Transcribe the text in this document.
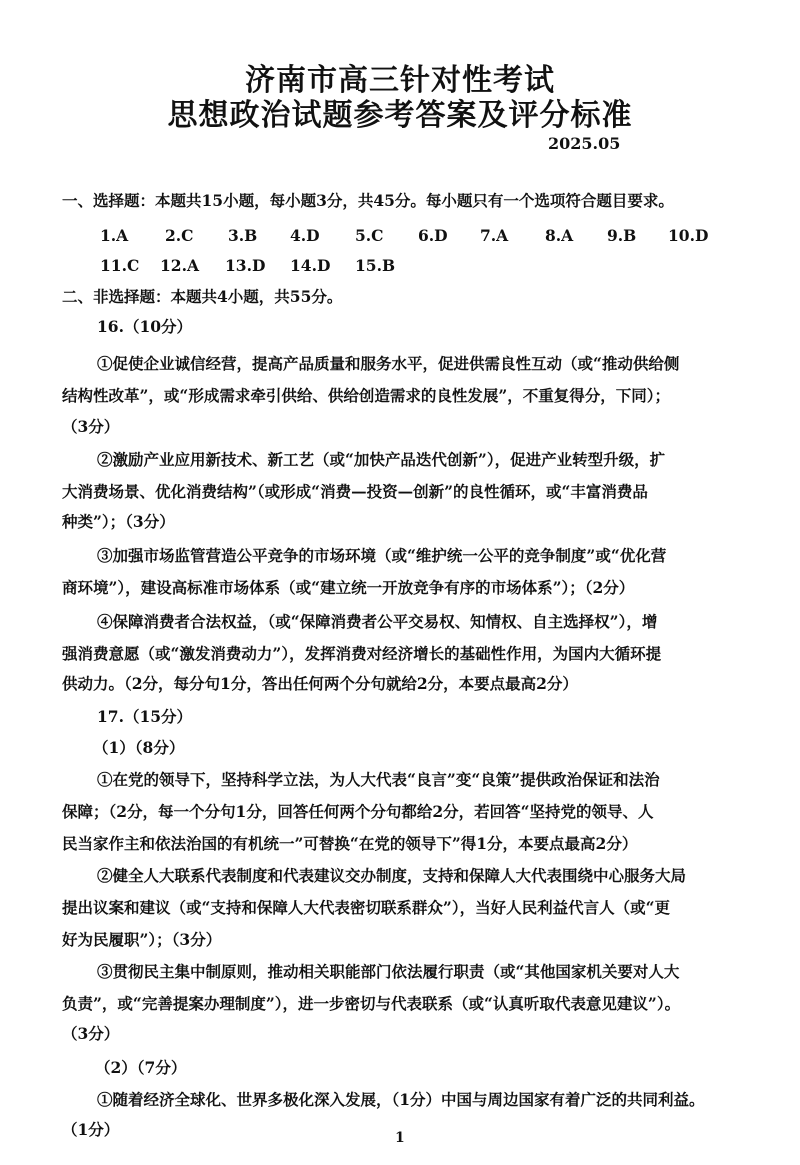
济南市高三针对性考试
思想政治试题参考答案及评分标准
2025.05
一、选择题：本题共15小题，每小题3分，共45分。每小题只有一个选项符合题目要求。
1.A 2.C 3.B 4.D 5.C 6.D 7.A 8.A 9.B 10.D
11.C 12.A 13.D 14.D 15.B
二、非选择题：本题共4小题，共55分。
16.（10分）
①促使企业诚信经营，提高产品质量和服务水平，促进供需良性互动（或“推动供给侧
结构性改革”，或“形成需求牵引供给、供给创造需求的良性发展”，不重复得分，下同）；
（3分）
②激励产业应用新技术、新工艺（或“加快产品迭代创新”），促进产业转型升级，扩
大消费场景、优化消费结构”（或形成“消费—投资—创新”的良性循环，或“丰富消费品
种类”）；（3分）
③加强市场监管营造公平竞争的市场环境（或“维护统一公平的竞争制度”或“优化营
商环境”），建设高标准市场体系（或“建立统一开放竞争有序的市场体系”）；（2分）
④保障消费者合法权益，（或“保障消费者公平交易权、知情权、自主选择权”），增
强消费意愿（或“激发消费动力”），发挥消费对经济增长的基础性作用，为国内大循环提
供动力。（2分，每分句1分，答出任何两个分句就给2分，本要点最高2分）
17.（15分）
（1）（8分）
①在党的领导下，坚持科学立法，为人大代表“良言”变“良策”提供政治保证和法治
保障；（2分，每一个分句1分，回答任何两个分句都给2分，若回答“坚持党的领导、人
民当家作主和依法治国的有机统一”可替换“在党的领导下”得1分，本要点最高2分）
②健全人大联系代表制度和代表建议交办制度，支持和保障人大代表围绕中心服务大局
提出议案和建议（或“支持和保障人大代表密切联系群众”），当好人民利益代言人（或“更
好为民履职”）；（3分）
③贯彻民主集中制原则，推动相关职能部门依法履行职责（或“其他国家机关要对人大
负责”，或“完善提案办理制度”），进一步密切与代表联系（或“认真听取代表意见建议”）。
（3分）
（2）（7分）
①随着经济全球化、世界多极化深入发展，（1分）中国与周边国家有着广泛的共同利益。
（1分）	1
